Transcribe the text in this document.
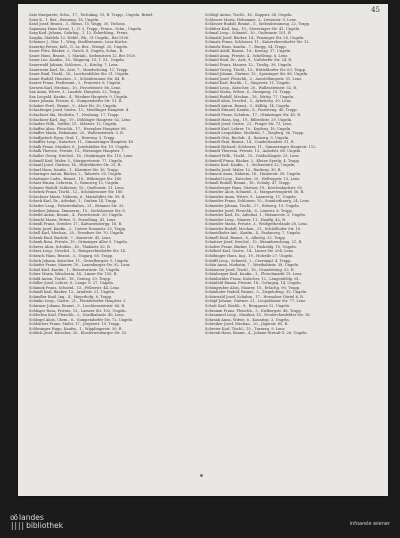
45

Satz Margarete, Schn., 17., Tschukag. 15, R. Trapp., Ungeln, Brixel.

Satzi K., 1. Bez., Braunng. 18, Ungeln.

Satzl Josef, Beamt., 3., Reuss. 15, Wagg. 30, Tschoss.

Sapunsay Hans Kreuz, 1., G. 5, Trapp., Prenn., Schn., Ungeln.

Sarg Karl, Johann, Gabrlng., 1. 12, Eckerblmg., Prenz.

Sarglia, Stahlelo 12, Wohlf., Rh., 51 Ungeln., Bei 1926.

Scheiner J., Mar. 1., Wieg, Stadtbrennen, Lenz Kirche.

Sauertig Peters, Kell., G. 2a, Bez., Wiengl. 20, Ungeln.

Sauer Fritz, Bäcker, 2., Gusch. 6, Ungeln, Schm., R.

Sauer Hans, Beamt., 1. Mariah., Siebenstern 12, Bei 1920.

Sauer Leo, Kaufm., 18., Wagnerg. 15, 1. St., Ungeln.

Sauerwald Johann, Schlossn., 3., Kirchg. 7, Lenz.

Sauerwein Karl, Dr., Arzt, 7., Mondscheing. 11, Trapp.

Sauer Emil, Tischl., 16., Lerchenfelder Str. 31, Ungeln.

Sauer Rudolf, Hausbes., 5., Schönbrunner Str. 44, R.

Saurer Franz, Postbeamt., 2., Praterstr. 8, Ungeln.

Savarin Karl, Mechan., 10., Favoritenstr. 66, Lenz.

Sax Anna, Witwe, 3., Landstr. Hauptstr. 22, Trapp.

Sax Leopold, Kaufm., 4., Wiedner Hauptstr. 9, Ungeln.

Saxer Johann, Friseur, 6., Gumpendorfer Str. 51, R.

Schaber Ferd., Beamt., 9., Alser Str. 30, Ungeln.

Schachinger Josef, Gastw., 12., Meidlinger Hauptstr. 4.

Schachner Ida, Modistin, 7., Neubaug. 17, Trapp.

Schachner Karl, Ing., 19., Döblinger Hauptstr. 62, Lenz.

Schaden Wilh., Sattler, 15., Märzstr. 12, Ungeln.

Schaffer Alois, Fleischh., 17., Hernalser Hauptstr. 88.

Schaffer Maria, Hebamme, 20., Wallensteinstr. 3, R.

Schaffgotsch Egon, Graf, 1., Herreng. 5, Trapp.

Schaffler Leop., Kutscher, 11., Simmeringer Hauptstr. 40.

Schalk Franz, Musiker, 8., Josefstädter Str. 19, Ungeln.

Schalk Therese, Private, 13., Hietzinger Hauptstr. 7.

Schaller Georg, Drechsl., 16., Ottakringer Str. 110, Lenz.

Schandl Karl, Maler, 5., Margaretenstr. 77, Ungeln.

Schantl Josef, Gärtner, 14., Hütteldorfer Str. 25, R.

Scharf Hans, Kaufm., 1., Kärntner Str. 36, Trapp.

Scharinger Anton, Bäcker, 2., Taborstr. 50, Ungeln.

Schattauer Ludw., Beamt., 18., Währinger Str. 140.

Schatz Emma, Lehrerin, 3., Rennweg 12, Ungeln.

Schauer Rudolf, Schlosser, 10., Quellenstr. 31, Lenz.

Schebek Franz, Tischl., 12., Schönbrunner Str. 180.

Schechner Marie, Näherin, 6., Mariahilfer Str. 99, R.

Scheck Karl, Dr., Advokat, 1., Graben 14, Trapp.

Scheder Leop., Fuhrwerksbes., 21., Brünner Str. 33.

Scheiber Johann, Zimmerm., 15., Sechshauser Str. 8.

Scheibl Anton, Beamt., 4., Favoritenstr. 20, Ungeln.

Scheichl Maria, Witwe, 9., Porzellang. 41, Lenz.

Scheidl Franz, Greisler, 17., Kalvarienbergg. 16, R.

Schein Josef, Kaufm., 2., Untere Donaustr. 25, Trapp.

Schell Karl, Mechan., 20., Dresdner Str. 70, Ungeln.

Schenk Emil, Buchdr., 7., Kaiserstr. 45, Lenz.

Schenk Rosa, Private, 19., Grinzinger Allee 9, Ungeln.

Scherer Alois, Schuhm., 16., Thaliastr. 82, R.

Scherz Leop., Drechsl., 5., Reinprechtsdorfer Str. 14.

Scheuch Hans, Beamt., 3., Ungarg. 60, Trapp.

Schick Johann, Kutscher, 11., Geiselbergstr. 5, Ungeln.

Schiefer Franz, Maurer, 10., Laxenburger Str. 92, Lenz.

Schiel Karl, Kaufm., 1., Rotenturmstr. 18, Ungeln.

Schier Maria, Wäscherin, 14., Linzer Str. 150, R.

Schild Anton, Tischl., 18., Gentzg. 33, Trapp.

Schiller Josef, Lehrer, 8., Lange G. 27, Ungeln.

Schimek Franz, Schneid., 15., Felberstr. 44, Lenz.

Schindl Karl, Bäcker, 12., Arndtstr. 21, Ungeln.

Schindler Emil, Ing., 4., Mayerhofg. 8, Trapp.

Schinko Leop., Gastw., 21., Floridsdorfer Hauptstr. 3.

Schirmer Johann, Beamt., 9., Liechtensteinstr. 66, R.

Schlager Rosa, Private, 13., Lainzer Str. 102, Ungeln.

Schlechta Karl, Fleischh., 2., Nordbahnstr. 40, Lenz.

Schlegel Alois, Uhrm., 6., Gumpendorfer Str. 72, Ungeln.

Schleicher Franz, Maler, 17., Jörgerstr. 19, Trapp.

Schlesinger Hugo, Kaufm., 1., Wipplingerstr. 30, R.

Schlick Josef, Kutscher, 20., Klosterneuburger Str. 55.

Schlögl Anton, Tischl., 16., Koppstr. 34, Ungeln.

Schlosser Maria, Hebamme, 3., Löwenstr. 9, Lenz.

Schlosser Rudolf, Beamt., 5., Siebenbrunneng. 22, Trapp.

Schlüter Karl, Ing., 19., Sieveringer Str. 41, Ungeln.

Schmal Leop., Schneid., 10., Gudrunstr. 101, R.

Schmalzl Josef, Bäcker, 14., Penzinger Str. 28, Ungeln.

Schmatz Franz, Schlosser, 11., Kaiserebersdorfer Str. 12.

Schmelz Hans, Kaufm., 7., Burgg. 54, Trapp.

Schmid Adolf, Beamt., 18., Kreuzg. 17, Ungeln.

Schmid Anna, Private, 4., Schelleing. 6, Lenz.

Schmid Emil, Dr., Arzt, 9., Nußdorfer Str. 24, R.

Schmid Franz, Maurer, 12., Tivolig. 39, Ungeln.

Schmid Georg, Tischl., 15., Hütteldorfer Str. 63, Trapp.

Schmid Johann, Gärtner, 13., Speisinger Str. 88, Ungeln.

Schmid Josef, Fleischh., 2., Ausstellungsstr. 31, Lenz.

Schmid Karl, Buchh., 1., Singerstr. 11, Ungeln.

Schmid Leop., Kutscher, 20., Wallensteinstr. 52, R.

Schmid Maria, Witwe, 6., Stumperg. 15, Trapp.

Schmid Rudolf, Mechan., 16., Wattg. 77, Ungeln.

Schmidl Alois, Drechsl., 5., Arbeiterg. 20, Lenz.

Schmidt Anton, Beamt., 3., Kölblg. 14, Ungeln.

Schmidt Eduard, Kaufm., 8., Piaristeng. 40, Trapp.

Schmidt Franz, Schuhm., 17., Ottakringer Str. 45, R.

Schmidt Hans, Ing., 19., Billrothstr. 29, Ungeln.

Schmidt Josef, Gastw., 21., Prager Str. 71, Lenz.

Schmidt Karl, Lehrer, 10., Keplerg. 18, Ungeln.

Schmidt Leopoldine, Modistin, 7., Zieglerg. 36, Trapp.

Schmidt Otto, Buchdr., 4., Rainerg. 9, Ungeln.

Schmidt Paul, Beamt., 14., Cumberlandstr. 51, R.

Schmidt Richard, Schlosser, 11., Simmeringer Hauptstr. 112.

Schmidt Theresia, Private, 13., Auhofstr. 66, Ungeln.

Schmied Wilh., Tischl., 15., Goldschlagstr. 25, Lenz.

Schmiedl Franz, Bäcker, 2., Kleine Sperlg. 4, Trapp.

Schmitz Karl, Kaufm., 1., Seilerstätte 22, Ungeln.

Schmölz Josef, Maler, 12., Ruckerg. 30, R.

Schmuck Anna, Näherin, 16., Hasnerstr. 58, Ungeln.

Schnabel Leop., Kutscher, 20., Hellwagstr. 13, Lenz.

Schnall Rudolf, Beamt., 18., Schulg. 47, Trapp.

Schneeberger Hans, Gärtner, 19., Krottenbachstr. 90.

Schneider Alois, Schneid., 5., Margaretengürtel 36, R.

Schneider Anna, Witwe, 9., Lazarettg. 11, Ungeln.

Schneider Franz, Schlosser, 10., Sonnleithnerg. 24, Lenz.

Schneider Johann, Tischl., 17., Rötzerg. 19, Ungeln.

Schneider Josef, Fleischh., 6., Liniestr. 8, Trapp.

Schneider Karl, Dr., Advokat, 1., Bräunerstr. 5, Ungeln.

Schneider Leop., Maurer, 11., Hauffg. 42, R.

Schneider Maria, Private, 3., Weißgerberlände 28, Lenz.

Schneider Rudolf, Mechan., 21., Schloßhofer Str. 16.

Schneidhofer Ant., Kaufm., 4., Paulanerg. 7, Ungeln.

Schnell Emil, Beamt., 8., Albertg. 33, Trapp.

Schnitzer Josef, Drechsl., 15., Braunhirscheng. 21, R.

Schober Franz, Bäcker, 13., Fasholdg. 10, Ungeln.

Schöberl Karl, Gastw., 14., Linzer Str. 204, Lenz.

Schöbinger Hans, Ing., 19., Hofzeile 27, Ungeln.

Schöffl Leop., Schneid., 2., Czerninpl. 4, Trapp.

Schön Anna, Modistin, 7., Westbahnstr. 38, Ungeln.

Schönauer Josef, Tischl., 16., Grundsteing. 52, R.

Schönberger Karl, Kaufm., 1., Fleischmarkt 19, Lenz.

Schönbichler Franz, Kutscher, 12., Längenfeldg. 61.

Schönfeld Emma, Private, 18., Cottageg. 14, Ungeln.

Schöngruber Alois, Maurer, 10., Erlachg. 90, Trapp.

Schönhofer Rudolf, Beamt., 5., Ziegelofeng. 35, Ungeln.

Schönwald Josef, Schuhm., 17., Hernalser Gürtel 6, R.

Schöpf Johann, Gärtner, 21., Leopoldauer Str. 77, Lenz.

Schott Karl, Buchh., 9., Berggasse 12, Ungeln.

Schramm Franz, Fleischh., 3., Erdbergstr. 48, Trapp.

Schrammel Leop., Musiker, 16., Neulerchenfelder Str. 18.

Schrank Anna, Witwe, 6., Kaunitzg. 3, Ungeln.

Schreiber Josef, Mechan., 20., Jägerstr. 85, R.

Schreier Karl, Tischl., 15., Turnerg. 9, Lenz.

Schrenk Hans, Beamt., 4., Johann-Strauß-G. 26, Ungeln.

oö landes
|||| bibliothek	infoarele wiener
